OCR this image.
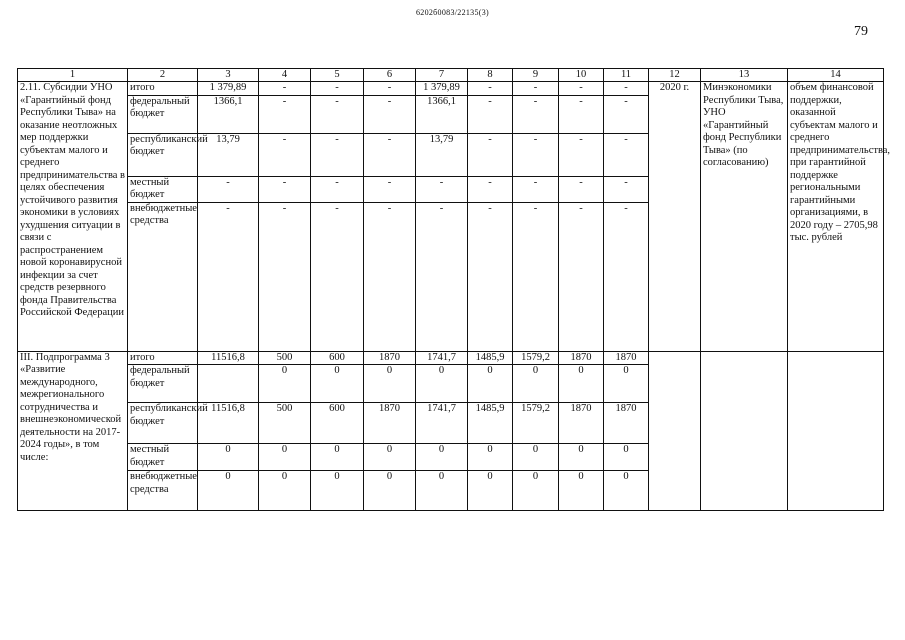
6202б0083/22135(3)
79
1	2	3	4	5	6	7	8	9	10	11	12	13	14
2.11. Субсидии УНО «Гарантийный фонд Республики Тыва» на оказание неотложных мер поддержки субъектам малого и среднего предпринимательства в целях обеспечения устойчивого развития экономики в условиях ухудшения ситуации в связи с распространением новой коронавирусной инфекции за счет средств резервного фонда Правительства Российской Федерации	итого	1 379,89	-	-	-	1 379,89	-	-	-	-	2020 г.	Минэкономики Республики Тыва, УНО «Гарантийный фонд Республики Тыва» (по согласованию)	объем финансовой поддержки, оказанной субъектам малого и среднего предпринимательства, при гарантийной поддержке региональными гарантийными организациями, в 2020 году – 2705,98 тыс. рублей
	федеральный бюджет	1366,1	-	-	-	1366,1	-	-	-	-			
	республиканский бюджет	13,79	-	-	-	13,79	-	-	-	-			
	местный бюджет	-	-	-	-	-	-	-	-	-			
	внебюджетные средства	-	-	-	-	-	-	-	-	-			
III. Подпрограмма 3 «Развитие международного, межрегионального сотрудничества и внешнеэкономической деятельности на 2017-2024 годы», в том числе:	итого	11516,8	500	600	1870	1741,7	1485,9	1579,2	1870	1870			
	федеральный бюджет		0	0	0	0	0	0	0	0			
	республиканский бюджет	11516,8	500	600	1870	1741,7	1485,9	1579,2	1870	1870			
	местный бюджет	0	0	0	0	0	0	0	0	0			
	внебюджетные средства	0	0	0	0	0	0	0	0	0			
